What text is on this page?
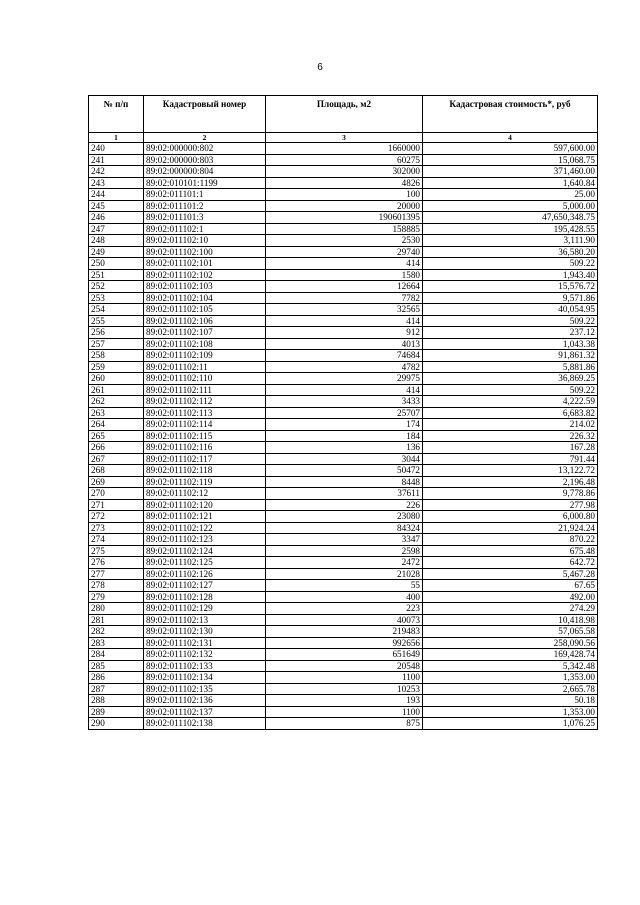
6
№ п/п	Кадастровый номер	Площадь, м2	Кадастровая стоимость*, руб
1	2	3	4
240	89:02:000000:802	1660000	597,600.00
241	89:02:000000:803	60275	15,068.75
242	89:02:000000:804	302000	371,460.00
243	89:02:010101:1199	4826	1,640.84
244	89:02:011101:1	100	25.00
245	89:02:011101:2	20000	5,000.00
246	89:02:011101:3	190601395	47,650,348.75
247	89:02:011102:1	158885	195,428.55
248	89:02:011102:10	2530	3,111.90
249	89:02:011102:100	29740	36,580.20
250	89:02:011102:101	414	509.22
251	89:02:011102:102	1580	1,943.40
252	89:02:011102:103	12664	15,576.72
253	89:02:011102:104	7782	9,571.86
254	89:02:011102:105	32565	40,054.95
255	89:02:011102:106	414	509.22
256	89:02:011102:107	912	237.12
257	89:02:011102:108	4013	1,043.38
258	89:02:011102:109	74684	91,861.32
259	89:02:011102:11	4782	5,881.86
260	89:02:011102:110	29975	36,869.25
261	89:02:011102:111	414	509.22
262	89:02:011102:112	3433	4,222.59
263	89:02:011102:113	25707	6,683.82
264	89:02:011102:114	174	214.02
265	89:02:011102:115	184	226.32
266	89:02:011102:116	136	167.28
267	89:02:011102:117	3044	791.44
268	89:02:011102:118	50472	13,122.72
269	89:02:011102:119	8448	2,196.48
270	89:02:011102:12	37611	9,778.86
271	89:02:011102:120	226	277.98
272	89:02:011102:121	23080	6,000.80
273	89:02:011102:122	84324	21,924.24
274	89:02:011102:123	3347	870.22
275	89:02:011102:124	2598	675.48
276	89:02:011102:125	2472	642.72
277	89:02:011102:126	21028	5,467.28
278	89:02:011102:127	55	67.65
279	89:02:011102:128	400	492.00
280	89:02:011102:129	223	274.29
281	89:02:011102:13	40073	10,418.98
282	89:02:011102:130	219483	57,065.58
283	89:02:011102:131	992656	258,090.56
284	89:02:011102:132	651649	169,428.74
285	89:02:011102:133	20548	5,342.48
286	89:02:011102:134	1100	1,353.00
287	89:02:011102:135	10253	2,665.78
288	89:02:011102:136	193	50.18
289	89:02:011102:137	1100	1,353.00
290	89:02:011102:138	875	1,076.25
